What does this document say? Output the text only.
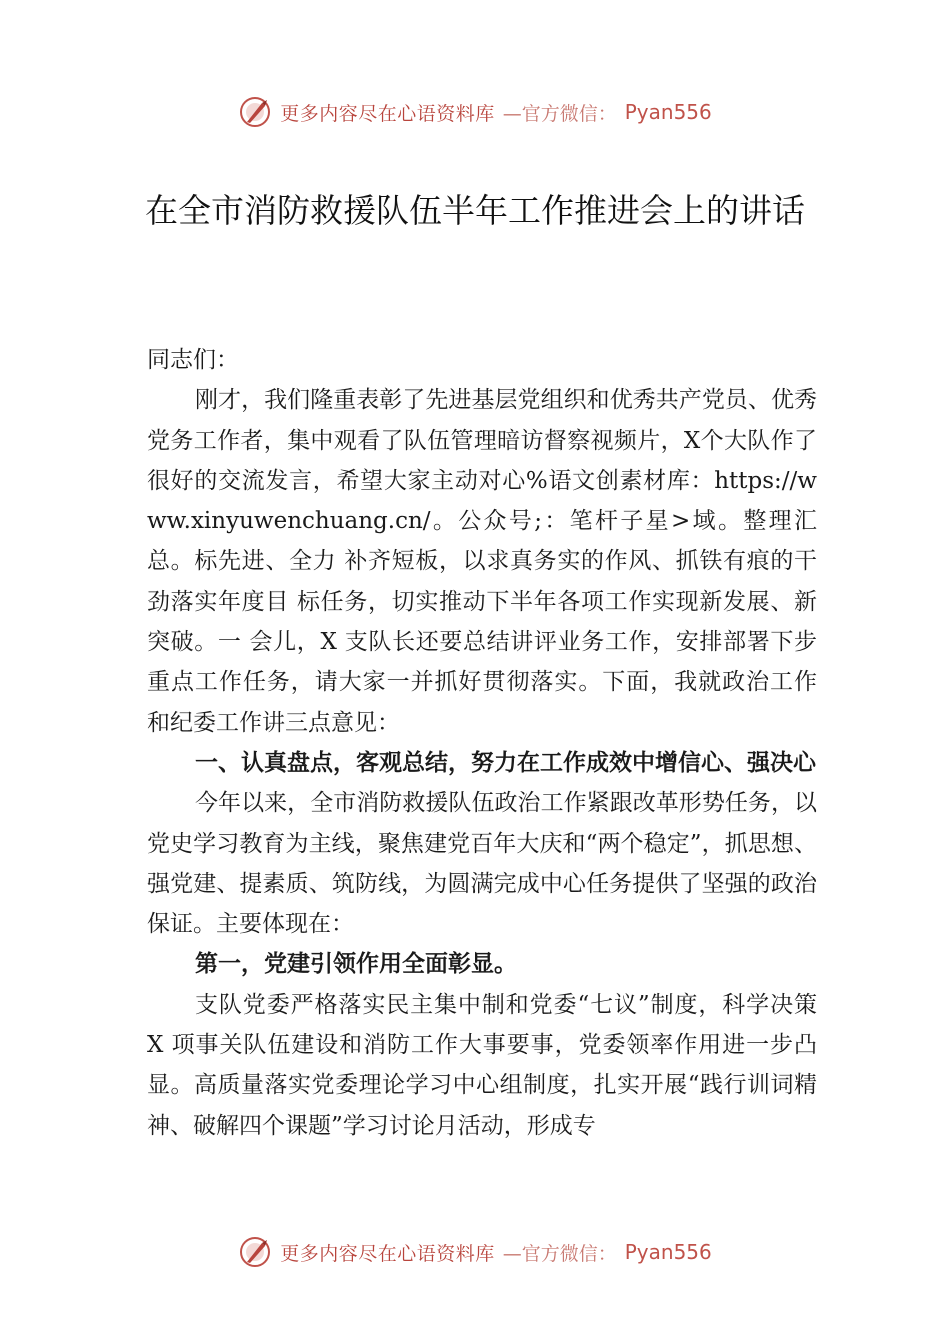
更多内容尽在心语资料库 —官方微信： Pyan556
在全市消防救援队伍半年工作推进会上的讲话

同志们：

刚才，我们隆重表彰了先进基层党组织和优秀共产党员、优秀党务工作者，集中观看了队伍管理暗访督察视频片，X个大队作了很好的交流发言，希望大家主动对心%语文创素材库：https://www.xinyuwenchuang.cn/。公众号;：笔杆子星>域。整理汇总。标先进、全力 补齐短板，以求真务实的作风、抓铁有痕的干劲落实年度目 标任务，切实推动下半年各项工作实现新发展、新突破。一 会儿，X 支队长还要总结讲评业务工作，安排部署下步重点工作任务，请大家一并抓好贯彻落实。下面，我就政治工作 和纪委工作讲三点意见：

一、认真盘点，客观总结，努力在工作成效中增信心、强决心

今年以来，全市消防救援队伍政治工作紧跟改革形势任务，以党史学习教育为主线，聚焦建党百年大庆和“两个稳定”，抓思想、强党建、提素质、筑防线，为圆满完成中心任务提供了坚强的政治保证。主要体现在：

第一，党建引领作用全面彰显。

支队党委严格落实民主集中制和党委“七议”制度，科学决策 X 项事关队伍建设和消防工作大事要事，党委领率作用进一步凸显。高质量落实党委理论学习中心组制度，扎实开展“践行训词精神、破解四个课题”学习讨论月活动，形成专

更多内容尽在心语资料库 —官方微信： Pyan556
